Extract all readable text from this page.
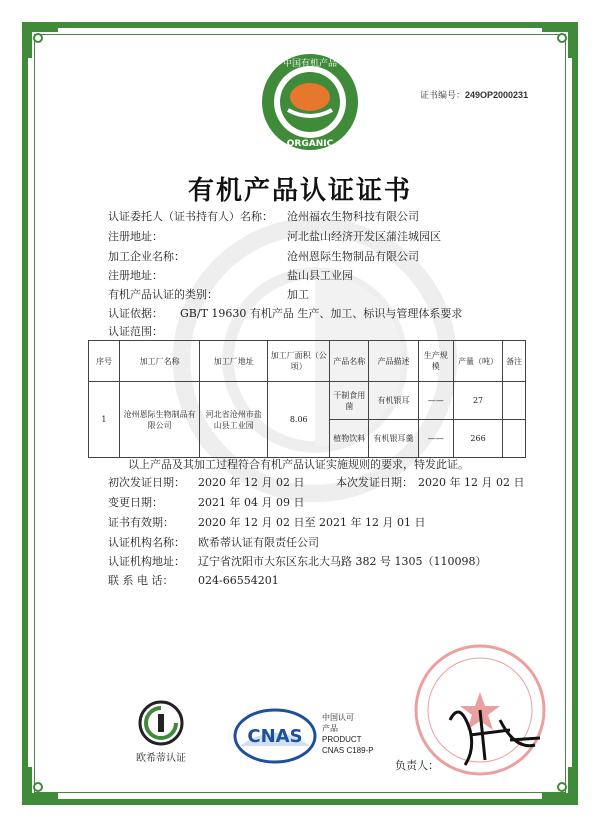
中国有机产品
ORGANIC
证书编号：249OP2000231
有机产品认证证书
认证委托人（证书持有人）名称： 沧州福农生物科技有限公司
注册地址：	河北盐山经济开发区蒲洼城园区
加工企业名称：	沧州恩际生物制品有限公司
注册地址：	盐山县工业园
有机产品认证的类别：	加工
认证依据： GB/T 19630 有机产品 生产、加工、标识与管理体系要求
认证范围：
序号	加工厂名称	加工厂地址	加工厂面积（公顷）	产品名称	产品描述	生产规模	产量（吨）	备注
1	沧州恩际生物制品有限公司	河北省沧州市盐山县工业园	8.06	干制食用菌	有机银耳	——	27	
				植物饮料	有机银耳羹	——	266	
以上产品及其加工过程符合有机产品认证实施规则的要求，特发此证。
初次发证日期： 2020 年 12 月 02 日	本次发证日期： 2020 年 12 月 02 日
变更日期：	2021 年 04 月 09 日
证书有效期： 2020 年 12 月 02 日至 2021 年 12 月 01 日
认证机构名称： 欧希蒂认证有限责任公司
认证机构地址： 辽宁省沈阳市大东区东北大马路 382 号 1305（110098）
联 系 电 话： 024-66554201
欧希蒂认证
CNAS
中国认可
产品
PRODUCT
CNAS C189-P
负责人：
